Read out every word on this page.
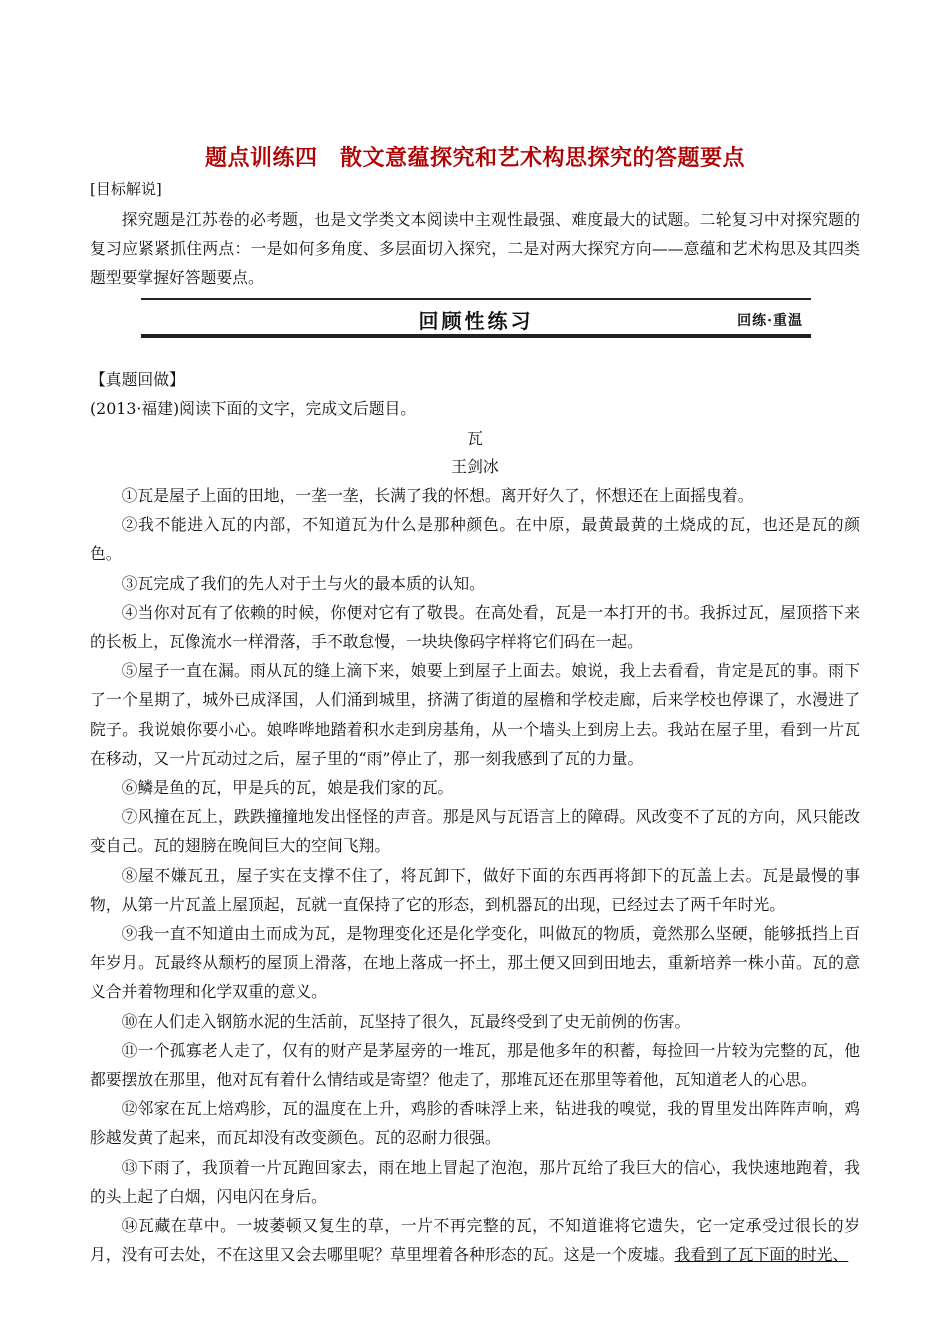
题点训练四　散文意蕴探究和艺术构思探究的答题要点
[目标解说]

探究题是江苏卷的必考题，也是文学类文本阅读中主观性最强、难度最大的试题。二轮复习中对探究题的复习应紧紧抓住两点：一是如何多角度、多层面切入探究，二是对两大探究方向——意蕴和艺术构思及其四类题型要掌握好答题要点。

回顾性练习	回练·重温
【真题回做】
(2013·福建)阅读下面的文字，完成文后题目。
瓦
王剑冰

①瓦是屋子上面的田地，一垄一垄，长满了我的怀想。离开好久了，怀想还在上面摇曳着。

②我不能进入瓦的内部，不知道瓦为什么是那种颜色。在中原，最黄最黄的土烧成的瓦，也还是瓦的颜色。

③瓦完成了我们的先人对于土与火的最本质的认知。

④当你对瓦有了依赖的时候，你便对它有了敬畏。在高处看，瓦是一本打开的书。我拆过瓦，屋顶搭下来的长板上，瓦像流水一样滑落，手不敢怠慢，一块块像码字样将它们码在一起。

⑤屋子一直在漏。雨从瓦的缝上滴下来，娘要上到屋子上面去。娘说，我上去看看，肯定是瓦的事。雨下了一个星期了，城外已成泽国，人们涌到城里，挤满了街道的屋檐和学校走廊，后来学校也停课了，水漫进了院子。我说娘你要小心。娘哗哗地踏着积水走到房基角，从一个墙头上到房上去。我站在屋子里，看到一片瓦在移动，又一片瓦动过之后，屋子里的“雨”停止了，那一刻我感到了瓦的力量。

⑥鳞是鱼的瓦，甲是兵的瓦，娘是我们家的瓦。

⑦风撞在瓦上，跌跌撞撞地发出怪怪的声音。那是风与瓦语言上的障碍。风改变不了瓦的方向，风只能改变自己。瓦的翅膀在晚间巨大的空间飞翔。

⑧屋不嫌瓦丑，屋子实在支撑不住了，将瓦卸下，做好下面的东西再将卸下的瓦盖上去。瓦是最慢的事物，从第一片瓦盖上屋顶起，瓦就一直保持了它的形态，到机器瓦的出现，已经过去了两千年时光。

⑨我一直不知道由土而成为瓦，是物理变化还是化学变化，叫做瓦的物质，竟然那么坚硬，能够抵挡上百年岁月。瓦最终从颓朽的屋顶上滑落，在地上落成一抔土，那土便又回到田地去，重新培养一株小苗。瓦的意义合并着物理和化学双重的意义。

⑩在人们走入钢筋水泥的生活前，瓦坚持了很久，瓦最终受到了史无前例的伤害。

⑪一个孤寡老人走了，仅有的财产是茅屋旁的一堆瓦，那是他多年的积蓄，每捡回一片较为完整的瓦，他都要摆放在那里，他对瓦有着什么情结或是寄望？他走了，那堆瓦还在那里等着他，瓦知道老人的心思。

⑫邻家在瓦上焙鸡胗，瓦的温度在上升，鸡胗的香味浮上来，钻进我的嗅觉，我的胃里发出阵阵声响，鸡胗越发黄了起来，而瓦却没有改变颜色。瓦的忍耐力很强。

⑬下雨了，我顶着一片瓦跑回家去，雨在地上冒起了泡泡，那片瓦给了我巨大的信心，我快速地跑着，我的头上起了白烟，闪电闪在身后。

⑭瓦藏在草中。一坡萎顿又复生的草，一片不再完整的瓦，不知道谁将它遗失，它一定承受过很长的岁月，没有可去处，不在这里又会去哪里呢？草里埋着各种形态的瓦。这是一个废墟。我看到了瓦下面的时光、
